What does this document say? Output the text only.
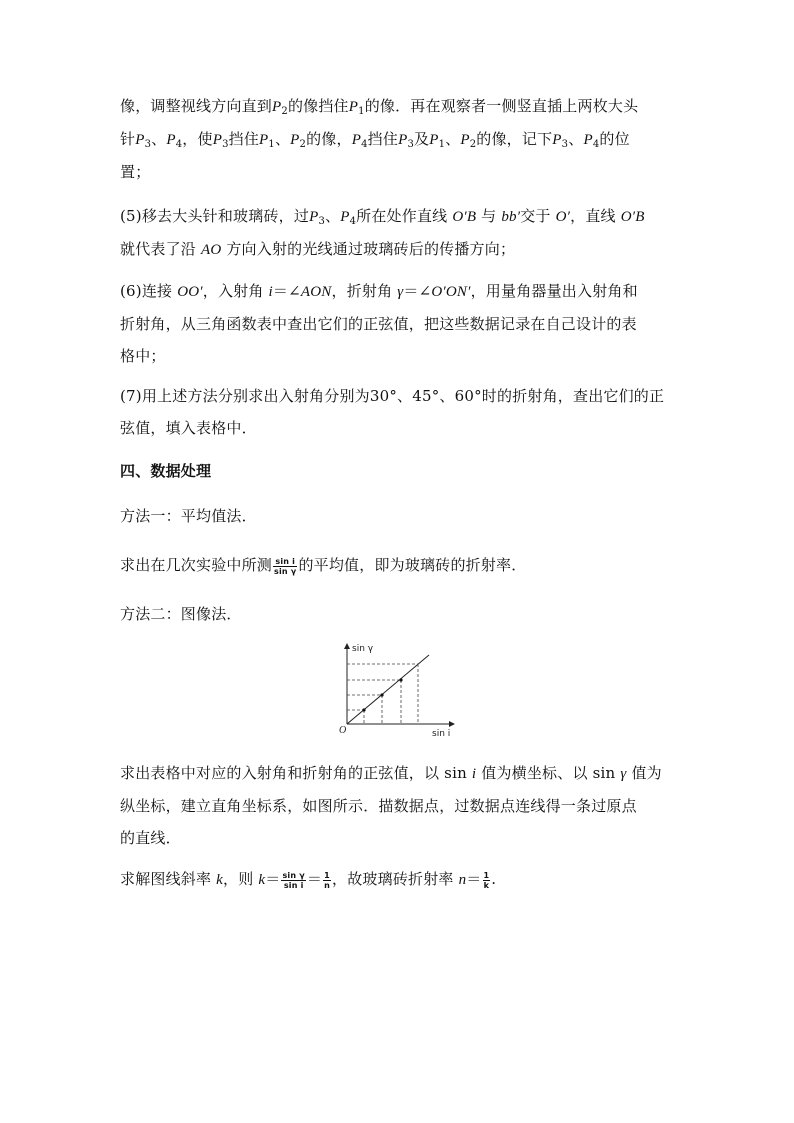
像，调整视线方向直到$P_2$的像挡住$P_1$的像．再在观察者一侧竖直插上两枚大头
针$P_3$、$P_4$，使$P_3$挡住$P_1$、$P_2$的像，$P_4$挡住$P_3$及$P_1$、$P_2$的像，记下$P_3$、$P_4$的位
置；

(5)移去大头针和玻璃砖，过$P_3$、$P_4$所在处作直线 O′B 与 bb′交于 O′，直线 O′B
就代表了沿 AO 方向入射的光线通过玻璃砖后的传播方向；

(6)连接 OO′，入射角 i＝∠AON，折射角 γ＝∠O′ON′，用量角器量出入射角和
折射角，从三角函数表中查出它们的正弦值，把这些数据记录在自己设计的表
格中；

(7)用上述方法分别求出入射角分别为30°、45°、60°时的折射角，查出它们的正
弦值，填入表格中．

四、数据处理

方法一：平均值法．

求出在几次实验中所测 $\frac{\text{sin i}}{\text{sin γ}}$ 的平均值，即为玻璃砖的折射率．

方法二：图像法．

sin γ
sin i
O

求出表格中对应的入射角和折射角的正弦值，以 sin i 值为横坐标、以 sin γ 值为
纵坐标，建立直角坐标系，如图所示．描数据点，过数据点连线得一条过原点
的直线．

求解图线斜率 k，则 $k= \frac{\text{sin γ}}{\text{sin i}} = \frac{1}{n}$ ，故玻璃砖折射率 $n= \frac{1}{k}$ .
